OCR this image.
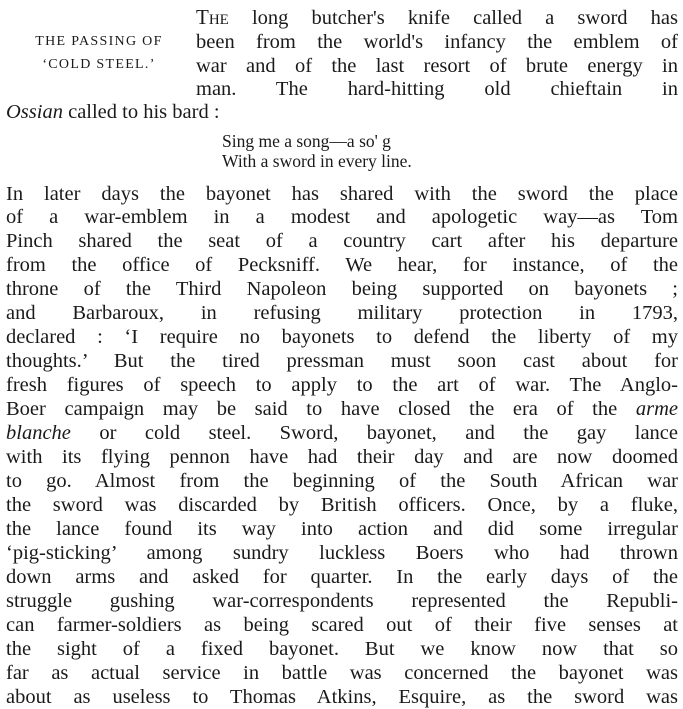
THE PASSING OF
‘COLD STEEL.’
The long butcher's knife called a sword has
been from the world's infancy the emblem of
war and of the last resort of brute energy in
man. The hard-hitting old chieftain in
Ossian called to his bard :
Sing me a song—a so' g
With a sword in every line.
In later days the bayonet has shared with the sword the place
of a war-emblem in a modest and apologetic way—as Tom
Pinch shared the seat of a country cart after his departure
from the office of Pecksniff. We hear, for instance, of the
throne of the Third Napoleon being supported on bayonets ;
and Barbaroux, in refusing military protection in 1793,
declared : ‘I require no bayonets to defend the liberty of my
thoughts.’ But the tired pressman must soon cast about for
fresh figures of speech to apply to the art of war. The Anglo-
Boer campaign may be said to have closed the era of the arme
blanche or cold steel. Sword, bayonet, and the gay lance
with its flying pennon have had their day and are now doomed
to go. Almost from the beginning of the South African war
the sword was discarded by British officers. Once, by a fluke,
the lance found its way into action and did some irregular
‘pig-sticking’ among sundry luckless Boers who had thrown
down arms and asked for quarter. In the early days of the
struggle gushing war-correspondents represented the Republi-
can farmer-soldiers as being scared out of their five senses at
the sight of a fixed bayonet. But we know now that so
far as actual service in battle was concerned the bayonet was
about as useless to Thomas Atkins, Esquire, as the sword was
